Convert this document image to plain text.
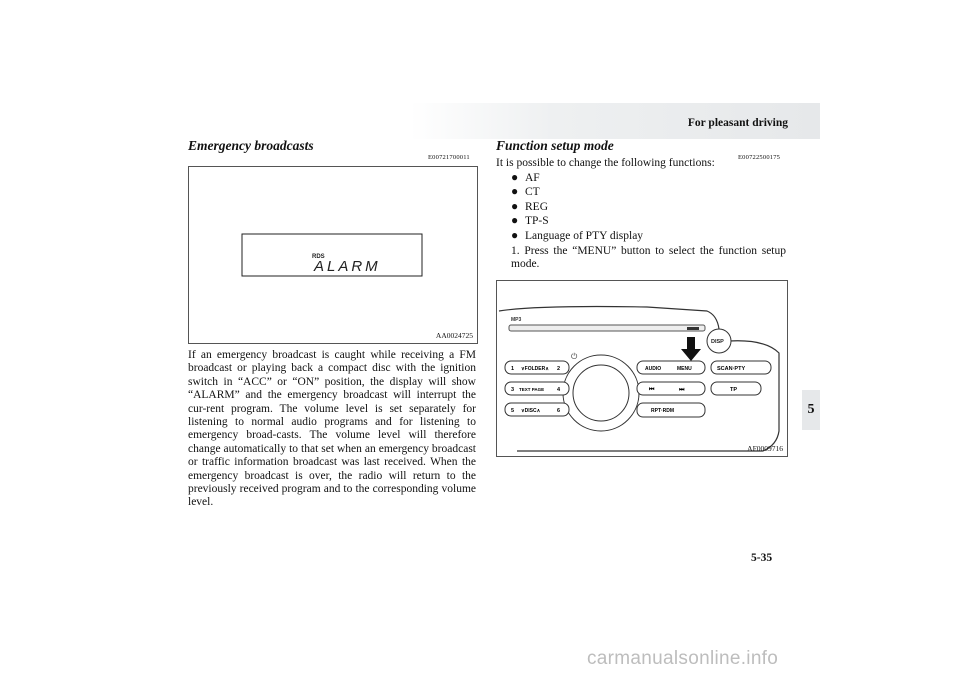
For pleasant driving
5
Emergency broadcasts
E00721700011
RDS
ALARM
AA0024725
If an emergency broadcast is caught while receiving a FM broadcast or playing back a compact disc with the ignition switch in “ACC” or “ON” position, the display will show “ALARM” and the emergency broadcast will interrupt the cur-rent program. The volume level is set separately for listening to normal audio programs and for listening to emergency broad-casts. The volume level will therefore change automatically to that set when an emergency broadcast or traffic information broadcast was last received. When the emergency broadcast is over, the radio will return to the previously received program and to the corresponding volume level.
Function setup mode
E00722500175
It is possible to change the following functions:
● AF
● CT
● REG
● TP-S
● Language of PTY display
1. Press the “MENU” button to select the function setup mode.
MP3
DISP
⏻
1 ∨FOLDER∧ 2
3 TEXT PAGE 4
5 ∨DISC∧	6
AUDIO	MENU	SCAN·PTY
⏮	⏭	TP
RPT·RDM
AF0009716
5-35
carmanualsonline.info
